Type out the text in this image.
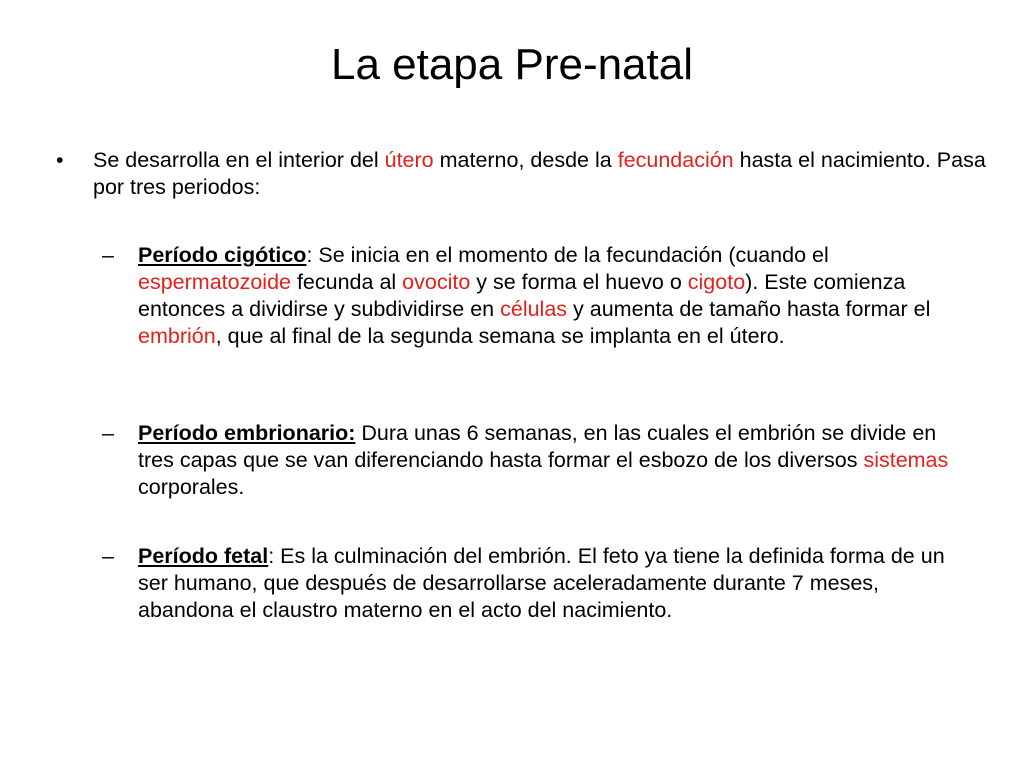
La etapa Pre-natal
• Se desarrolla en el interior del útero materno, desde la fecundación hasta el nacimiento. Pasa por tres periodos:

– Período cigótico: Se inicia en el momento de la fecundación (cuando el espermatozoide fecunda al ovocito y se forma el huevo o cigoto). Este comienza entonces a dividirse y subdividirse en células y aumenta de tamaño hasta formar el embrión, que al final de la segunda semana se implanta en el útero.

– Período embrionario: Dura unas 6 semanas, en las cuales el embrión se divide en tres capas que se van diferenciando hasta formar el esbozo de los diversos sistemas corporales.

– Período fetal: Es la culminación del embrión. El feto ya tiene la definida forma de un ser humano, que después de desarrollarse aceleradamente durante 7 meses, abandona el claustro materno en el acto del nacimiento.
